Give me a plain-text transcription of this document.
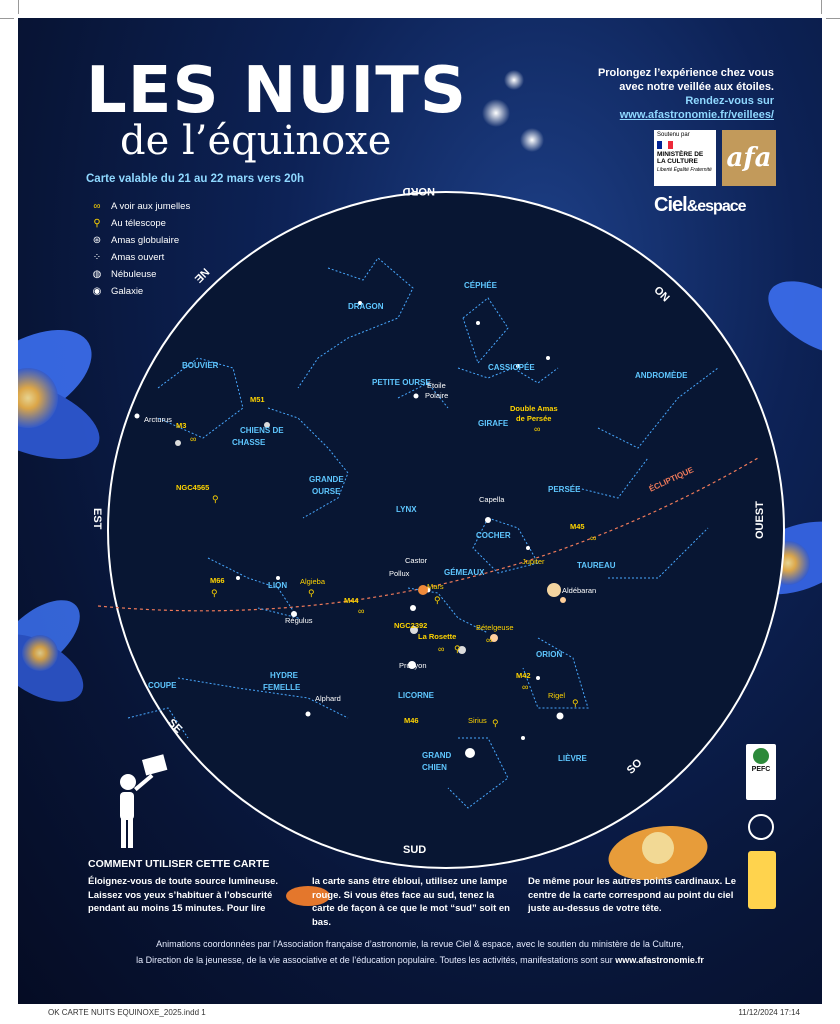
NORD
SUD
EST	OUEST
NE
NO
SE
SO
ÉCLIPTIQUE
DRAGON
CÉPHÉE
BOUVIER
PETITE OURSE
CASSIOPÉE
ANDROMÈDE
CHIENS DE
CHASSE
GIRAFE
GRANDE
OURSE	PERSÉE
LYNX
COCHER
GÉMEAUX
TAUREAU
LION
ORION
HYDRE
FEMELLE
COUPE
LICORNE
GRAND
CHIEN
LIÈVRE
Arcturus
Étoile
Polaire
Capella
Castor
Pollux
Jupiter
Aldébaran
Mars
Algieba
Régulus
Bételgeuse
Procyon
Alphard	Rigel
Sirius
M51
M3
NGC4565
M66
M44
NGC2392
La Rosette
M42
M46
M45
Double Amas
de Persée
∞
∞
∞
∞
∞
∞
∞
⚲
⚲	⚲
⚲
⚲
⚲
⚲
LES NUITS
de l’équinoxe
Carte valable du 21 au 22 mars vers 20h
∞	A voir aux jumelles
⚲	Au télescope
⊛ Amas globulaire
⁘ Amas ouvert
◍ Nébuleuse
◉ Galaxie
Prolongez l’expérience chez vous
avec notre veillée aux étoiles.
Rendez-vous sur
www.afastronomie.fr/veillees/
Soutenu par
MINISTÈRE DE LA CULTURE
Liberté Égalité Fraternité afa
Ciel&espace
COMMENT UTILISER CETTE CARTE
Éloignez-vous de toute source lumineuse. Laissez vos yeux s’habituer à l’obscurité pendant au moins 15 minutes. Pour lire
la carte sans être ébloui, utilisez une lampe rouge. Si vous êtes face au sud, tenez la carte de façon à ce que le mot “sud” soit en bas.
De même pour les autres points cardinaux. Le centre de la carte correspond au point du ciel juste au-dessus de votre tête.
Animations coordonnées par l’Association française d’astronomie, la revue Ciel & espace, avec le soutien du ministère de la Culture,
la Direction de la jeunesse, de la vie associative et de l’éducation populaire. Toutes les activités, manifestations sont sur www.afastronomie.fr
PEFC
OK CARTE NUITS EQUINOXE_2025.indd 1	11/12/2024 17:14
